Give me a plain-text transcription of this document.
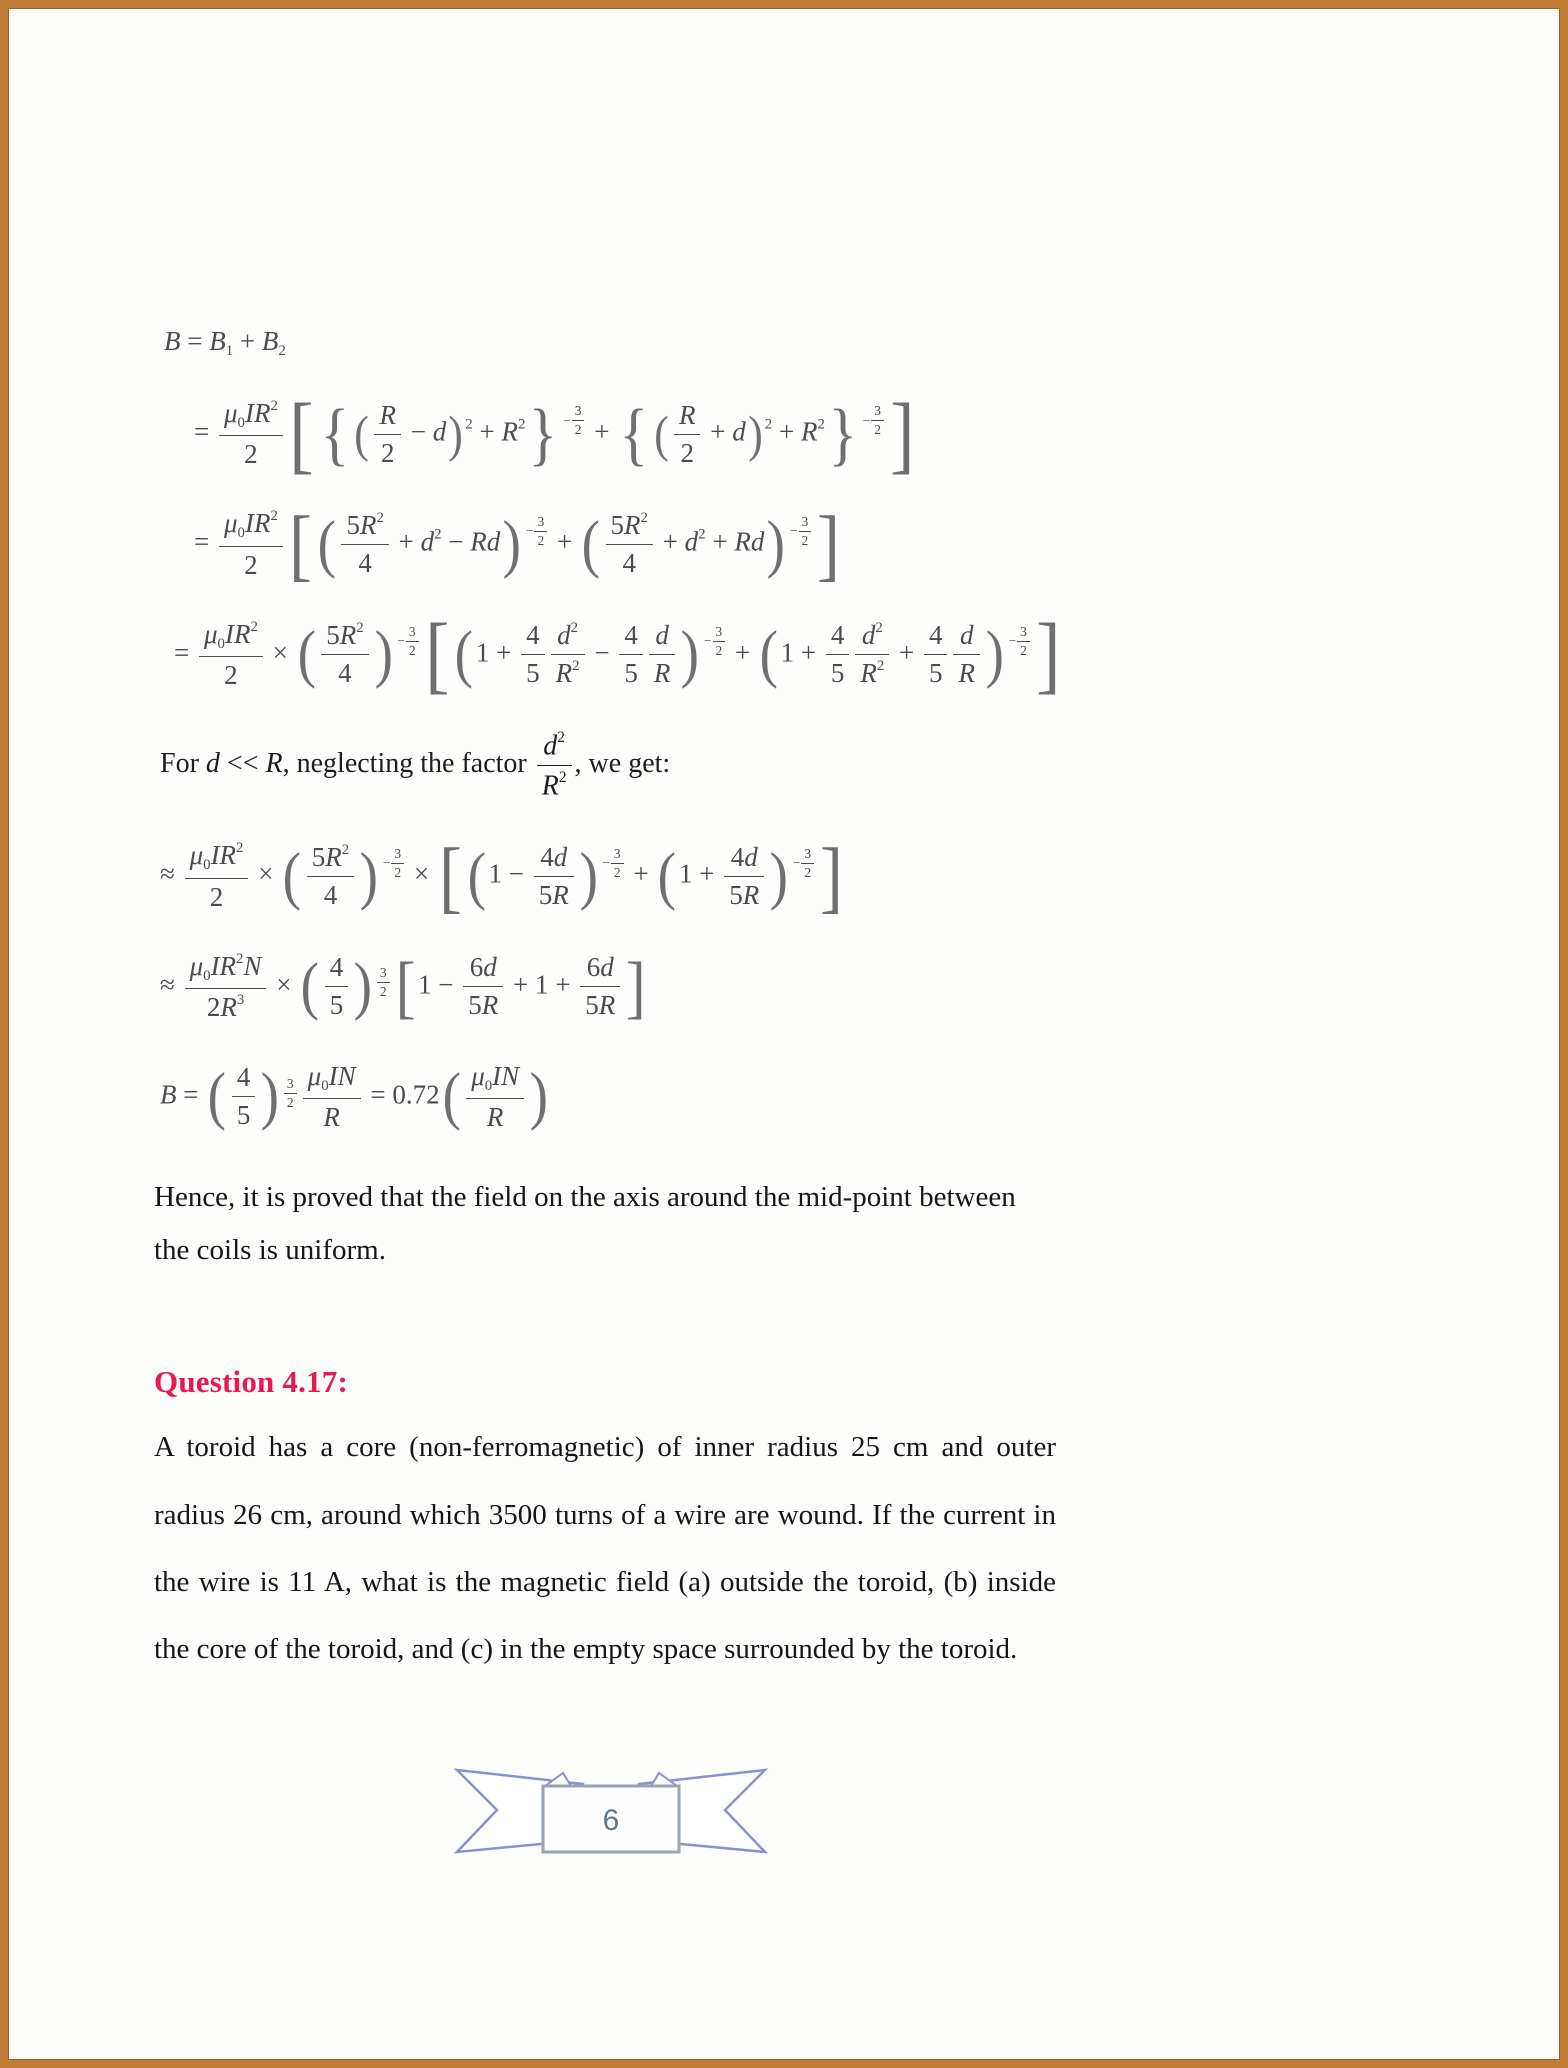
B = B1 + B2
= $\frac{\mu 0IR^2}{2}$ [{ ( $\frac{R}{2} - d$) $^2 + R^2\} - \frac{3}{2}$ + { ( $\frac{R}{2} + d$) $^2 + R^2\} - \frac{3}{2}$ ]
= $\frac{\mu 0IR^2}{2}$ [( $\frac{5R^2}{4} + d^2 - Rd) - \frac{3}{2}$ + ( $\frac{5R^2}{4} + d^2 + Rd) - \frac{3}{2}$ ]
= $\frac{\mu 0IR^2}{2}$ × ( $\frac{5R^2}{4}$ ) − $\frac{3}{2} [(1 + \frac{4}{5} \frac{d^2}{R^2} - \frac{4}{5} \frac{d}{R}$ ) − $\frac{3}{2} + (1 + \frac{4}{5} \frac{d^2}{R^2} + \frac{4}{5} \frac{d}{R}$ ) − $\frac{3}{2}$ ]
For d << R, neglecting the factor $\frac{d^2}{R^2}$ , we get:
≈ $\frac{\mu 0IR^2}{2}$ × ( $\frac{5R^2}{4}$ ) − $\frac{3}{2} \times [(1 - \frac{4d}{5R}$ ) − $\frac{3}{2} + (1 + \frac{4d}{5R}$ ) − $\frac{3}{2}$ ]
≈ $\frac{\mu 0IR^2N}{2R^3}$ × ( $\frac{4}{5}$ ) 3
2 [ $1 - \frac{6d}{5R} + 1 + \frac{6d}{5R}$ ]
B = ( $\frac{4}{5}$ ) 3
$2 \frac{\mu 0IN}{R} = 0.72( \frac{\mu 0IN}{R}$ )

Hence, it is proved that the field on the axis around the mid-point between the coils is uniform.

Question 4.17:

A toroid has a core (non-ferromagnetic) of inner radius 25 cm and outer radius 26 cm, around which 3500 turns of a wire are wound. If the current in the wire is 11 A, what is the magnetic field (a) outside the toroid, (b) inside the core of the toroid, and (c) in the empty space surrounded by the toroid.

6
